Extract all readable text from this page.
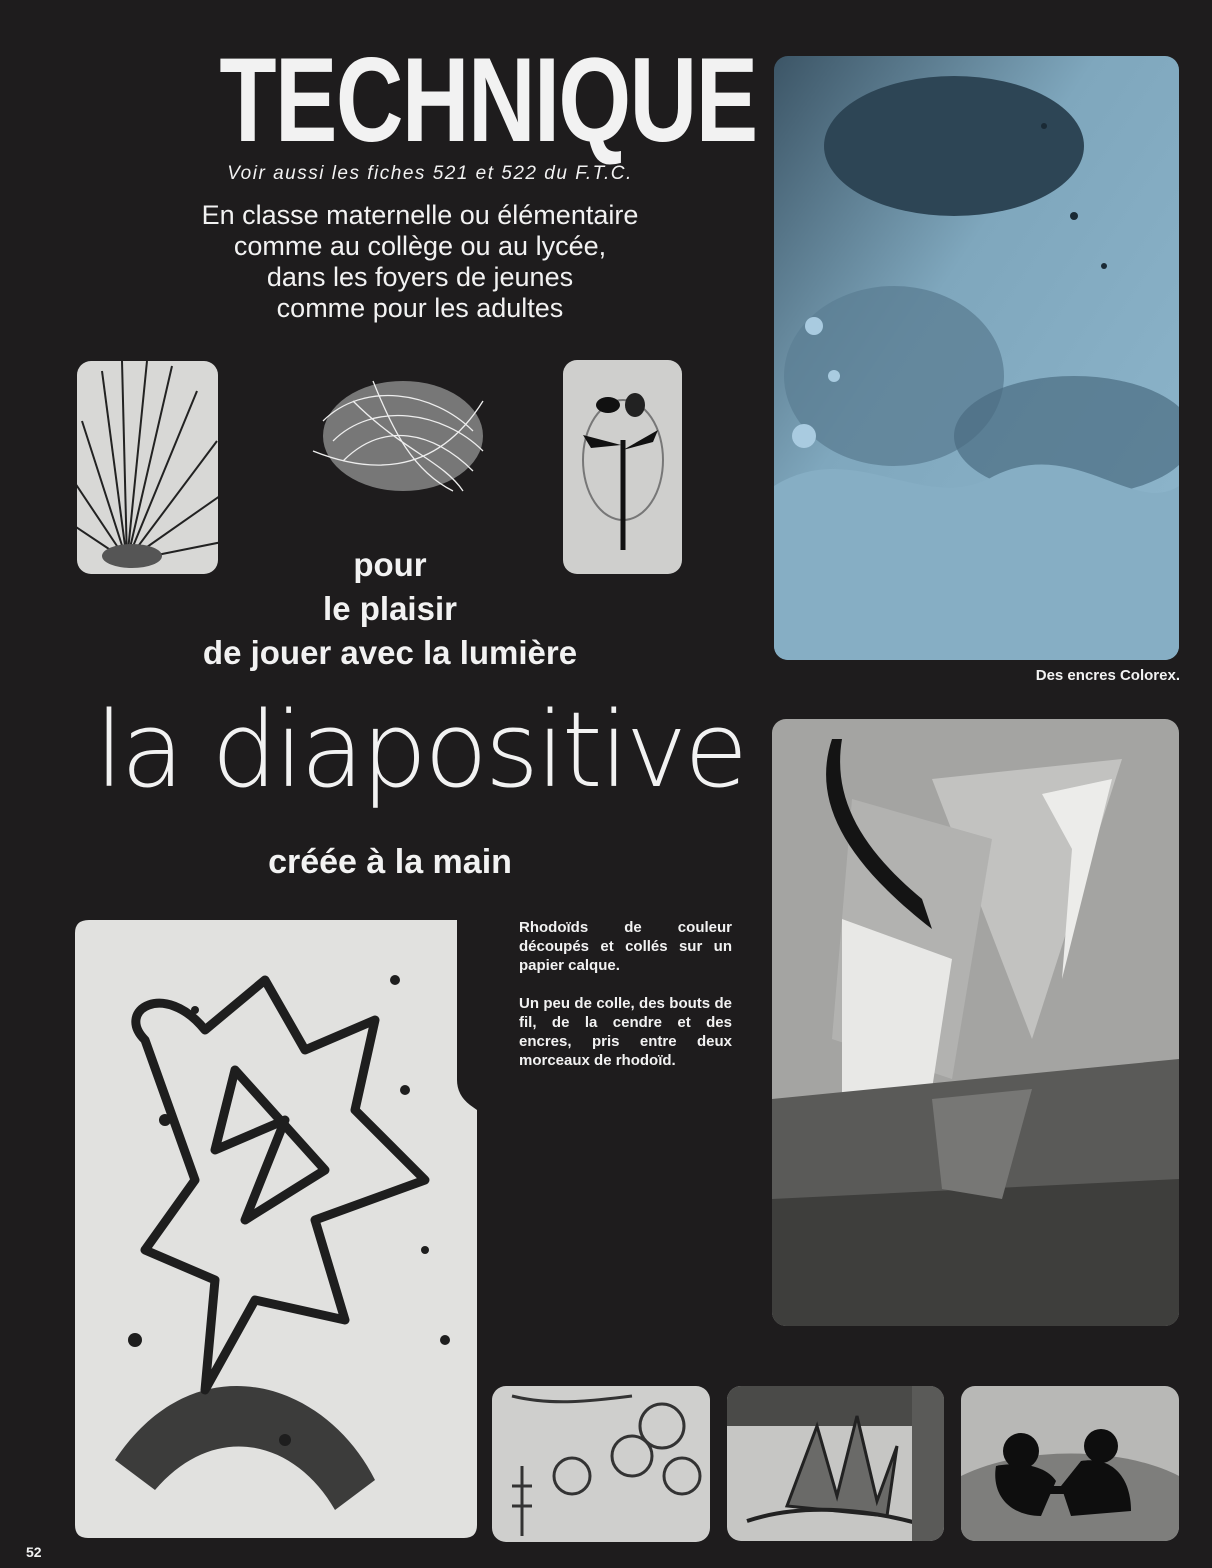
TECHNIQUE
Voir aussi les fiches 521 et 522 du F.T.C.
En classe maternelle ou élémentaire
comme au collège ou au lycée,
dans les foyers de jeunes
comme pour les adultes
pour
le plaisir
de jouer avec la lumière
la diapositive
créée à la main
Des encres Colorex.

Rhodoïds de couleur découpés et collés sur un papier calque.

Un peu de colle, des bouts de fil, de la cendre et des encres, pris entre deux morceaux de rhodoïd.

52
